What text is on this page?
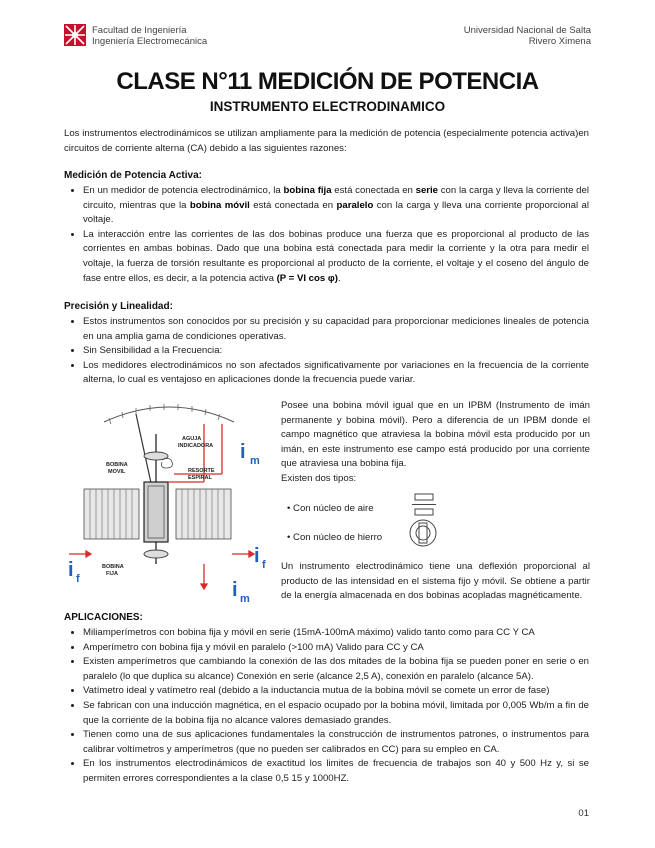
Facultad de Ingeniería
Ingeniería Electromecánica
Universidad Nacional de Salta
Rivero Ximena
CLASE N°11 MEDICIÓN DE POTENCIA
INSTRUMENTO ELECTRODINAMICO
Los instrumentos electrodinámicos se utilizan ampliamente para la medición de potencia (especialmente potencia activa)en circuitos de corriente alterna (CA) debido a las siguientes razones:
Medición de Potencia Activa:
• En un medidor de potencia electrodinámico, la bobina fija está conectada en serie con la carga y lleva la corriente del circuito, mientras que la bobina móvil está conectada en paralelo con la carga y lleva una corriente proporcional al voltaje.
• La interacción entre las corrientes de las dos bobinas produce una fuerza que es proporcional al producto de las corrientes en ambas bobinas. Dado que una bobina está conectada para medir la corriente y la otra para medir el voltaje, la fuerza de torsión resultante es proporcional al producto de la corriente, el voltaje y el coseno del ángulo de fase entre ellos, es decir, a la potencia activa (P = VI cos φ).
Precisión y Linealidad:
• Estos instrumentos son conocidos por su precisión y su capacidad para proporcionar mediciones lineales de potencia en una amplia gama de condiciones operativas.
• Sin Sensibilidad a la Frecuencia:
• Los medidores electrodinámicos no son afectados significativamente por variaciones en la frecuencia de la corriente alterna, lo cual es ventajoso en aplicaciones donde la frecuencia puede variar.
AGUJA
INDICADORA
BOBINA
MOVIL	RESORTE
ESPIRAL
BOBINA
FIJA
i m
i f
i f	i m
Posee una bobina móvil igual que en un IPBM (Instrumento de imán permanente y bobina móvil). Pero a diferencia de un IPBM donde el campo magnético que atraviesa la bobina móvil esta producido por un imán, en este instrumento ese campo está producido por una corriente que atraviesa una bobina fija.
Existen dos tipos:
• Con núcleo de aire
• Con núcleo de hierro
Un instrumento electrodinámico tiene una deflexión proporcional al producto de las intensidad en el sistema fijo y móvil. Se obtiene a partir de la energía almacenada en dos bobinas acopladas magnéticamente.
APLICACIONES:
• Miliamperímetros con bobina fija y móvil en serie (15mA-100mA máximo) valido tanto como para CC Y CA
• Amperímetro con bobina fija y móvil en paralelo (>100 mA) Valido para CC y CA
• Existen amperímetros que cambiando la conexión de las dos mitades de la bobina fija se pueden poner en serie o en paralelo (lo que duplica su alcance) Conexión en serie (alcance 2,5 A), conexión en paralelo (alcance 5A).
• Vatímetro ideal y vatímetro real (debido a la inductancia mutua de la bobina móvil se comete un error de fase)
• Se fabrican con una inducción magnética, en el espacio ocupado por la bobina móvil, limitada por 0,005 Wb/m a fin de que la corriente de la bobina fija no alcance valores demasiado grandes.
• Tienen como una de sus aplicaciones fundamentales la construcción de instrumentos patrones, o instrumentos para calibrar voltímetros y amperímetros (que no pueden ser calibrados en CC) para su empleo en CA.
• En los instrumentos electrodinámicos de exactitud los limites de frecuencia de trabajos son 40 y 500 Hz y, si se permiten errores correspondientes a la clase 0,5 15 y 1000HZ.
01
